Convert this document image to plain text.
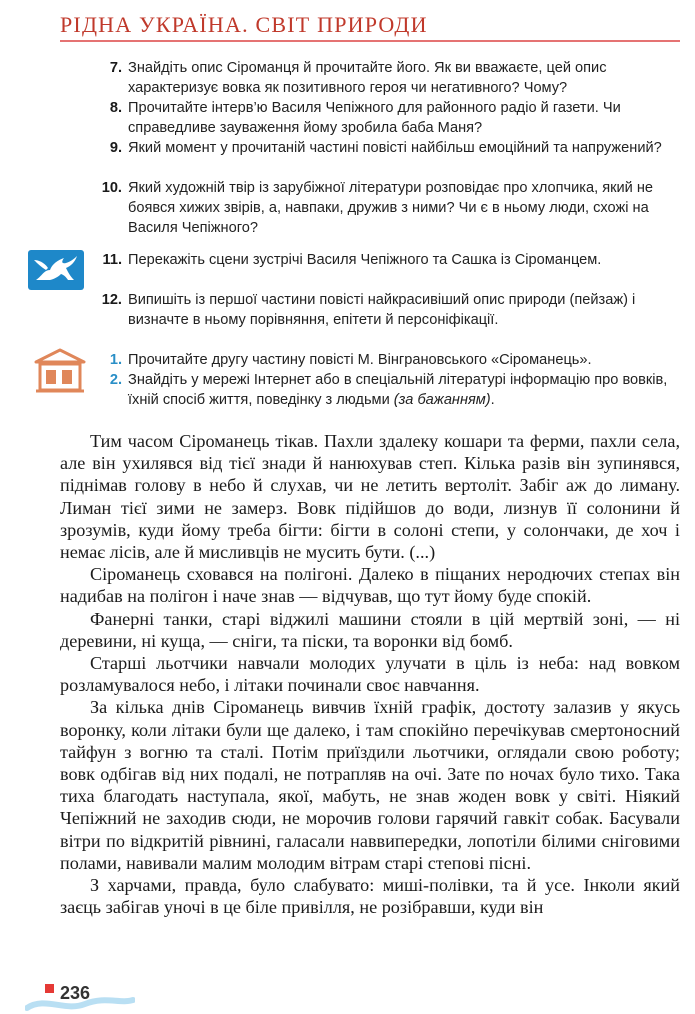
РІДНА УКРАЇНА. СВІТ ПРИРОДИ
7. Знайдіть опис Сіроманця й прочитайте його. Як ви вважаєте, цей опис характеризує вовка як позитивного героя чи негативного? Чому?
8. Прочитайте інтерв’ю Василя Чепіжного для районного радіо й газети. Чи справедливе зауваження йому зробила баба Маня?
9. Який момент у прочитаній частині повісті найбільш емоційний та напружений?
10. Який художній твір із зарубіжної літератури розповідає про хлопчика, який не боявся хижих звірів, а, навпаки, дружив з ними? Чи є в ньому люди, схожі на Василя Чепіжного?
11. Перекажіть сцени зустрічі Василя Чепіжного та Сашка із Сіроманцем.
12. Випишіть із першої частини повісті найкрасивіший опис природи (пейзаж) і визначте в ньому порівняння, епітети й персоніфікації.
1. Прочитайте другу частину повісті М. Вінграновського «Сіроманець».
2. Знайдіть у мережі Інтернет або в спеціальній літературі інформацію про вовків, їхній спосіб життя, поведінку з людьми (за бажанням).

Тим часом Сіроманець тікав. Пахли здалеку кошари та ферми, пахли села, але він ухилявся від тієї знади й нанюхував степ. Кілька разів він зупинявся, піднімав голову в небо й слухав, чи не летить вертоліт. Забіг аж до лиману. Лиман тієї зими не замерз. Вовк підійшов до води, лизнув її солонини й зрозумів, куди йому треба бігти: бігти в солоні степи, у солончаки, де хоч і немає лісів, але й мисливців не мусить бути. (...)

Сіроманець сховався на полігоні. Далеко в піщаних неродючих степах він надибав на полігон і наче знав — відчував, що тут йому буде спокій.

Фанерні танки, старі віджилі машини стояли в цій мертвій зоні, — ні деревини, ні куща, — сніги, та піски, та воронки від бомб.

Старші льотчики навчали молодих улучати в ціль із неба: над вовком розламувалося небо, і літаки починали своє навчання.

За кілька днів Сіроманець вивчив їхній графік, достоту залазив у якусь воронку, коли літаки були ще далеко, і там спокійно перечікував смертоносний тайфун з вогню та сталі. Потім приїздили льотчики, оглядали свою роботу; вовк одбігав від них подалі, не потрапляв на очі. Зате по ночах було тихо. Така тиха благодать наступала, якої, мабуть, не знав жоден вовк у світі. Ніякий Чепіжний не заходив сюди, не морочив голови гарячий гавкіт собак. Басували вітри по відкритій рівнині, галасали наввипередки, лопотіли білими сніговими полами, навивали малим молодим вітрам старі степові пісні.

З харчами, правда, було слабувато: миші-полівки, та й усе. Інколи який заєць забігав уночі в це біле привілля, не розібравши, куди він

236
